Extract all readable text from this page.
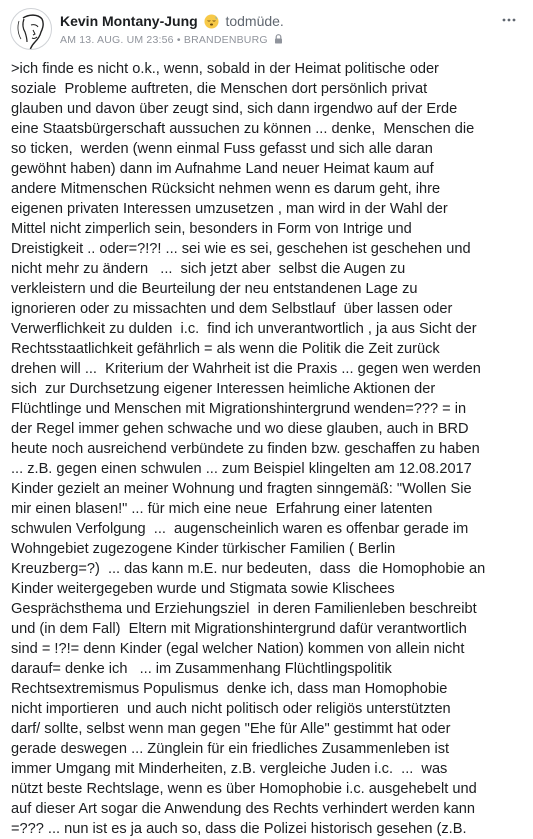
Kevin Montany-Jung todmüde.
AM 13. AUG. UM 23:56 • BRANDENBURG
>ich finde es nicht o.k., wenn, sobald in der Heimat politische oder
soziale  Probleme auftreten, die Menschen dort persönlich privat
glauben und davon über zeugt sind, sich dann irgendwo auf der Erde
eine Staatsbürgerschaft aussuchen zu können ... denke,  Menschen die
so ticken,  werden (wenn einmal Fuss gefasst und sich alle daran
gewöhnt haben) dann im Aufnahme Land neuer Heimat kaum auf
andere Mitmenschen Rücksicht nehmen wenn es darum geht, ihre
eigenen privaten Interessen umzusetzen , man wird in der Wahl der
Mittel nicht zimperlich sein, besonders in Form von Intrige und
Dreistigkeit .. oder=?!?! ... sei wie es sei, geschehen ist geschehen und
nicht mehr zu ändern   ...  sich jetzt aber  selbst die Augen zu
verkleistern und die Beurteilung der neu entstandenen Lage zu
ignorieren oder zu missachten und dem Selbstlauf  über lassen oder
Verwerflichkeit zu dulden  i.c.  find ich unverantwortlich , ja aus Sicht der
Rechtsstaatlichkeit gefährlich = als wenn die Politik die Zeit zurück
drehen will ...  Kriterium der Wahrheit ist die Praxis ... gegen wen werden
sich  zur Durchsetzung eigener Interessen heimliche Aktionen der
Flüchtlinge und Menschen mit Migrationshintergrund wenden=??? = in
der Regel immer gehen schwache und wo diese glauben, auch in BRD
heute noch ausreichend verbündete zu finden bzw. geschaffen zu haben
... z.B. gegen einen schwulen ... zum Beispiel klingelten am 12.08.2017
Kinder gezielt an meiner Wohnung und fragten sinngemäß: "Wollen Sie
mir einen blasen!" ... für mich eine neue  Erfahrung einer latenten
schwulen Verfolgung  ...  augenscheinlich waren es offenbar gerade im
Wohngebiet zugezogene Kinder türkischer Familien ( Berlin
Kreuzberg=?)  ... das kann m.E. nur bedeuten,  dass  die Homophobie an
Kinder weitergegeben wurde und Stigmata sowie Klischees
Gesprächsthema und Erziehungsziel  in deren Familienleben beschreibt
und (in dem Fall)  Eltern mit Migrationshintergrund dafür verantwortlich
sind = !?!= denn Kinder (egal welcher Nation) kommen von allein nicht
darauf= denke ich   ... im Zusammenhang Flüchtlingspolitik
Rechtsextremismus Populismus  denke ich, dass man Homophobie
nicht importieren  und auch nicht politisch oder religiös unterstützten
darf/ sollte, selbst wenn man gegen "Ehe für Alle" gestimmt hat oder
gerade deswegen ... Zünglein für ein friedliches Zusammenleben ist
immer Umgang mit Minderheiten, z.B. vergleiche Juden i.c.  ...  was
nützt beste Rechtslage, wenn es über Homophobie i.c. ausgehebelt und
auf dieser Art sogar die Anwendung des Rechts verhindert werden kann
=??? ... nun ist es ja auch so, dass die Polizei historisch gesehen (z.B.
